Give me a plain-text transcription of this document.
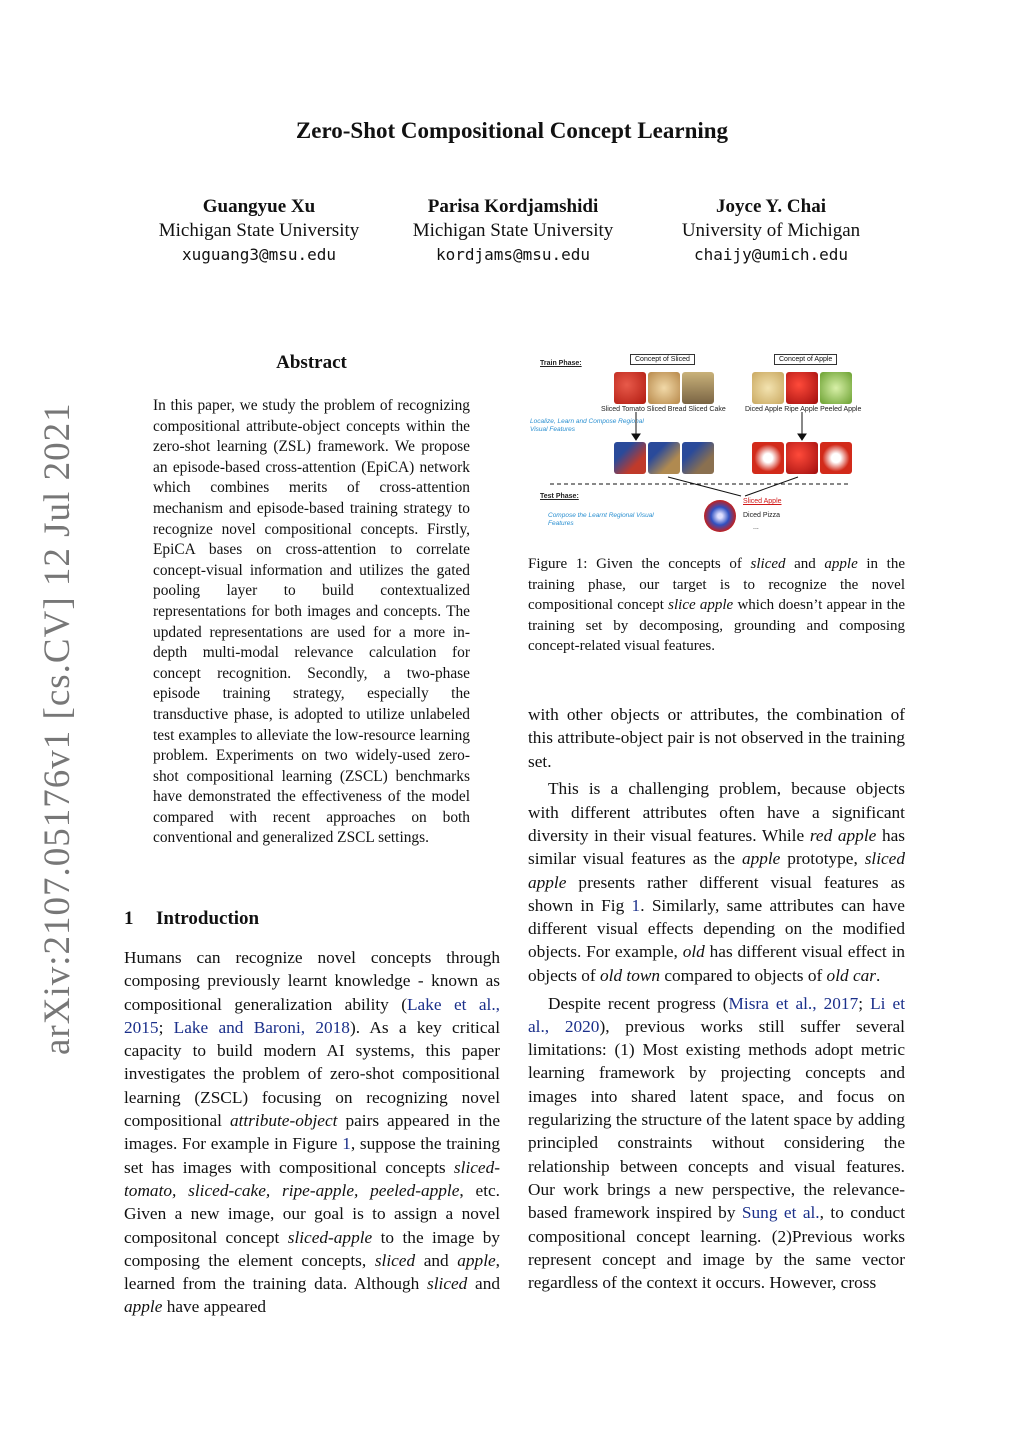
Zero-Shot Compositional Concept Learning
Guangyue Xu
Michigan State University
xuguang3@msu.edu
Parisa Kordjamshidi
Michigan State University
kordjams@msu.edu
Joyce Y. Chai
University of Michigan
chaijy@umich.edu
arXiv:2107.05176v1 [cs.CV] 12 Jul 2021
Abstract
In this paper, we study the problem of recognizing compositional attribute-object concepts within the zero-shot learning (ZSL) framework. We propose an episode-based cross-attention (EpiCA) network which combines merits of cross-attention mechanism and episode-based training strategy to recognize novel compositional concepts. Firstly, EpiCA bases on cross-attention to correlate concept-visual information and utilizes the gated pooling layer to build contextualized representations for both images and concepts. The updated representations are used for a more in-depth multi-modal relevance calculation for concept recognition. Secondly, a two-phase episode training strategy, especially the transductive phase, is adopted to utilize unlabeled test examples to alleviate the low-resource learning problem. Experiments on two widely-used zero-shot compositional learning (ZSCL) benchmarks have demonstrated the effectiveness of the model compared with recent approaches on both conventional and generalized ZSCL settings.
1 Introduction

Humans can recognize novel concepts through composing previously learnt knowledge - known as compositional generalization ability (Lake et al., 2015; Lake and Baroni, 2018). As a key critical capacity to build modern AI systems, this paper investigates the problem of zero-shot compositional learning (ZSCL) focusing on recognizing novel compositional attribute-object pairs appeared in the images. For example in Figure 1, suppose the training set has images with compositional concepts sliced-tomato, sliced-cake, ripe-apple, peeled-apple, etc. Given a new image, our goal is to assign a novel compositonal concept sliced-apple to the image by composing the element concepts, sliced and apple, learned from the training data. Although sliced and apple have appeared

Train Phase:
Concept of Sliced	Concept of Apple
Sliced Tomato Sliced Bread Sliced Cake	Diced Apple Ripe Apple Peeled Apple
Localize, Learn and Compose Regional Visual Features
Test Phase:
Compose the Learnt Regional Visual Features
Sliced Apple
Diced Pizza
...
Figure 1: Given the concepts of sliced and apple in the training phase, our target is to recognize the novel compositional concept slice apple which doesn’t appear in the training set by decomposing, grounding and composing concept-related visual features.

with other objects or attributes, the combination of this attribute-object pair is not observed in the training set.

This is a challenging problem, because objects with different attributes often have a significant diversity in their visual features. While red apple has similar visual features as the apple prototype, sliced apple presents rather different visual features as shown in Fig 1. Similarly, same attributes can have different visual effects depending on the modified objects. For example, old has different visual effect in objects of old town compared to objects of old car.

Despite recent progress (Misra et al., 2017; Li et al., 2020), previous works still suffer several limitations: (1) Most existing methods adopt metric learning framework by projecting concepts and images into shared latent space, and focus on regularizing the structure of the latent space by adding principled constraints without considering the relationship between concepts and visual features. Our work brings a new perspective, the relevance-based framework inspired by Sung et al., to conduct compositional concept learning. (2)Previous works represent concept and image by the same vector regardless of the context it occurs. However, cross
